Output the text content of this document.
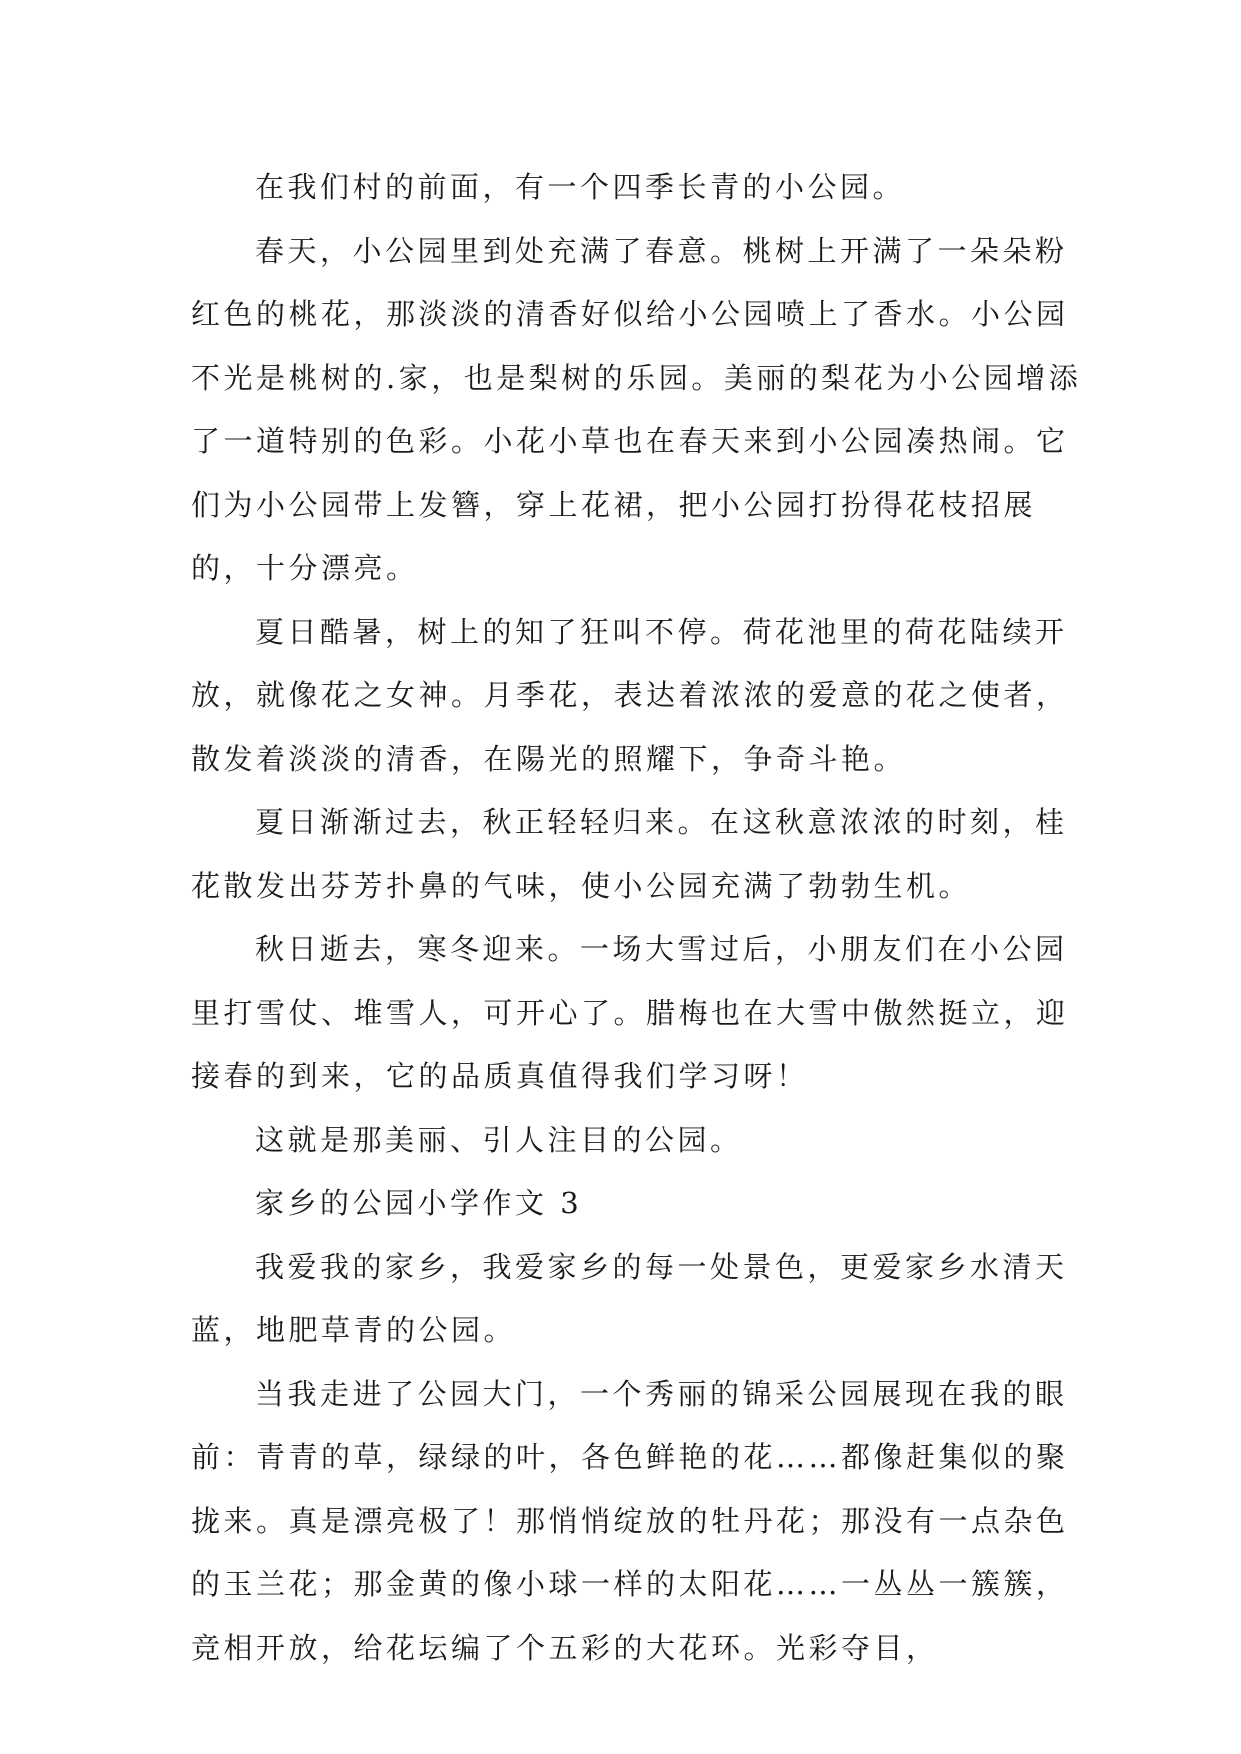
在我们村的前面，有一个四季长青的小公园。

春天，小公园里到处充满了春意。桃树上开满了一朵朵粉红色的桃花，那淡淡的清香好似给小公园喷上了香水。小公园不光是桃树的.家，也是梨树的乐园。美丽的梨花为小公园增添了一道特别的色彩。小花小草也在春天来到小公园凑热闹。它们为小公园带上发簪，穿上花裙，把小公园打扮得花枝招展的，十分漂亮。

夏日酷暑，树上的知了狂叫不停。荷花池里的荷花陆续开放，就像花之女神。月季花，表达着浓浓的爱意的花之使者，散发着淡淡的清香，在陽光的照耀下，争奇斗艳。

夏日渐渐过去，秋正轻轻归来。在这秋意浓浓的时刻，桂花散发出芬芳扑鼻的气味，使小公园充满了勃勃生机。

秋日逝去，寒冬迎来。一场大雪过后，小朋友们在小公园里打雪仗、堆雪人，可开心了。腊梅也在大雪中傲然挺立，迎接春的到来，它的品质真值得我们学习呀！

这就是那美丽、引人注目的公园。

家乡的公园小学作文 3

我爱我的家乡，我爱家乡的每一处景色，更爱家乡水清天蓝，地肥草青的公园。

当我走进了公园大门，一个秀丽的锦采公园展现在我的眼前：青青的草，绿绿的叶，各色鲜艳的花……都像赶集似的聚拢来。真是漂亮极了！那悄悄绽放的牡丹花；那没有一点杂色的玉兰花；那金黄的像小球一样的太阳花……一丛丛一簇簇，竞相开放，给花坛编了个五彩的大花环。光彩夺目，
